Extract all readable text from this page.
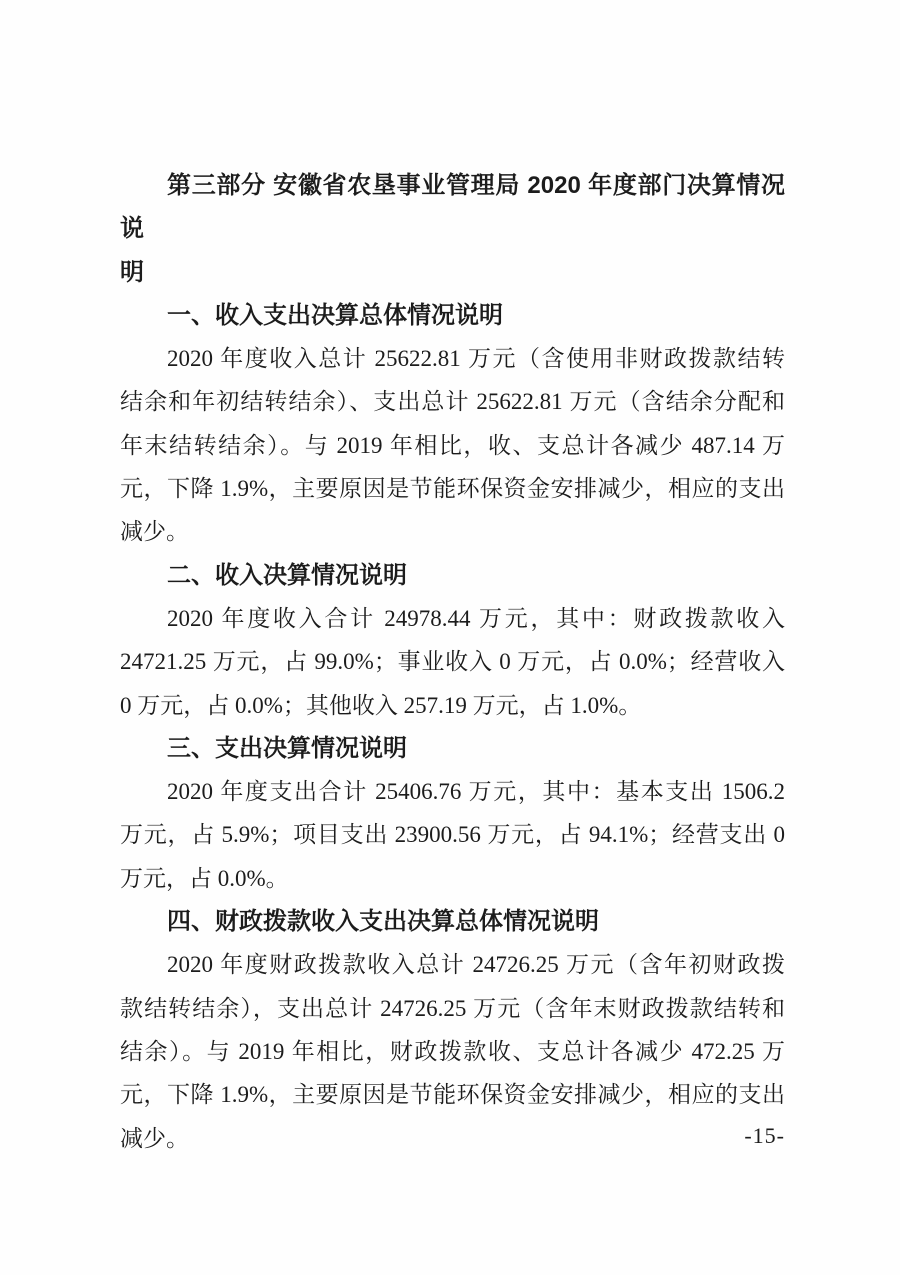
第三部分 安徽省农垦事业管理局 2020 年度部门决算情况说
明
一、收入支出决算总体情况说明
2020 年度收入总计 25622.81 万元（含使用非财政拨款结转
结余和年初结转结余）、支出总计 25622.81 万元（含结余分配和
年末结转结余）。与 2019 年相比，收、支总计各减少 487.14 万
元，下降 1.9%，主要原因是节能环保资金安排减少，相应的支出
减少。
二、收入决算情况说明
2020 年度收入合计 24978.44 万元，其中：财政拨款收入
24721.25 万元，占 99.0%；事业收入 0 万元，占 0.0%；经营收入
0 万元，占 0.0%；其他收入 257.19 万元，占 1.0%。
三、支出决算情况说明
2020 年度支出合计 25406.76 万元，其中：基本支出 1506.2
万元，占 5.9%；项目支出 23900.56 万元，占 94.1%；经营支出 0
万元，占 0.0%。
四、财政拨款收入支出决算总体情况说明
2020 年度财政拨款收入总计 24726.25 万元（含年初财政拨
款结转结余），支出总计 24726.25 万元（含年末财政拨款结转和
结余）。与 2019 年相比，财政拨款收、支总计各减少 472.25 万
元，下降 1.9%，主要原因是节能环保资金安排减少，相应的支出
减少。	-15-
